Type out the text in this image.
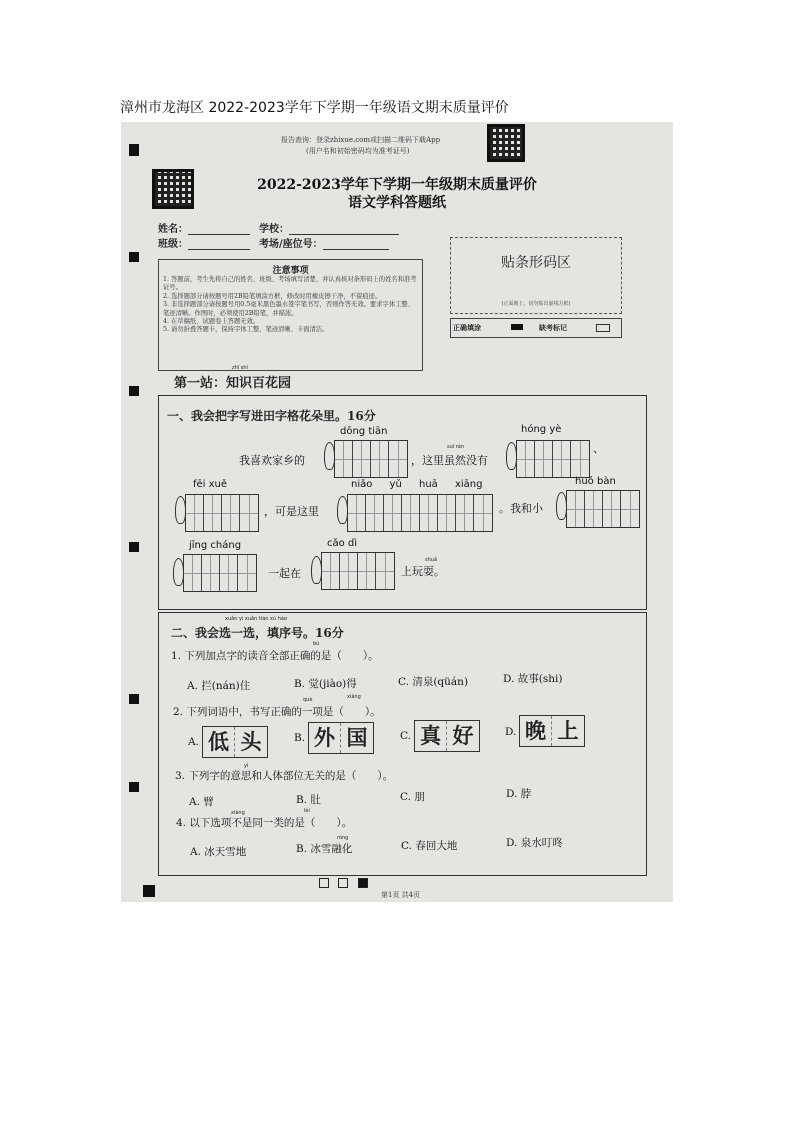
漳州市龙海区 2022-2023学年下学期一年级语文期末质量评价
报告查询：登录zhixue.com或扫描二维码下载App
(用户名和初始密码均为准考证号)
2022-2023学年下学期一年级期末质量评价
语文学科答题纸
姓名：	学校：
班级：	考场/座位号：
注意事项
1. 答题前，考生先将自己的姓名、班级、考场填写清楚，并认真核对条形码上的姓名和准考证号。
2. 选择题部分请按题号用2B铅笔填涂方框，修改时用橡皮擦干净，不留痕迹。
3. 非选择题部分请按题号用0.5毫米黑色墨水签字笔书写，否则作答无效。要求字体工整、笔迹清晰。作图时，必须使用2B铅笔，并描浓。
4. 在草稿纸、试题卷上答题无效。
5. 请勿折叠答题卡，保持字体工整、笔迹清晰、卡面清洁。
贴条形码区
(正面朝上，切勿贴出虚线方框)
正确填涂	缺考标记
zhī shí
第一站：知识百花园
一、我会把字写进田字格花朵里。16分
dōng tiān	hóng yè
suī rán
我喜欢家乡的	，这里虽然没有
、
fēi xuě	niǎo yǔ huā xiāng	huǒ bàn
，可是这里	。我和小
jīng cháng	cǎo dì
shuǎ
一起在	上玩耍。
xuǎn yi xuǎn tián xù hào
二、我会选一选，填序号。16分
bù
1. 下列加点字的读音全部正确的是（　　）。
A. 拦(nán)住	B. 觉(jiào)得	C. 清泉(qüán)	D. 故事(shi)
què	xiàng
2. 下列词语中，书写正确的一项是（　　）。
A. 低 头	B. 外 国	C. 真 好	D. 晚 上
yì
3. 下列字的意思和人体部位无关的是（　　）。
A. 臂	B. 肚	C. 朋	D. 脖
xiàng	lèi
4. 以下选项不是同一类的是（　　）。
róng
A. 冰天雪地	B. 冰雪融化	C. 春回大地	D. 泉水叮咚
第1页 共4页
